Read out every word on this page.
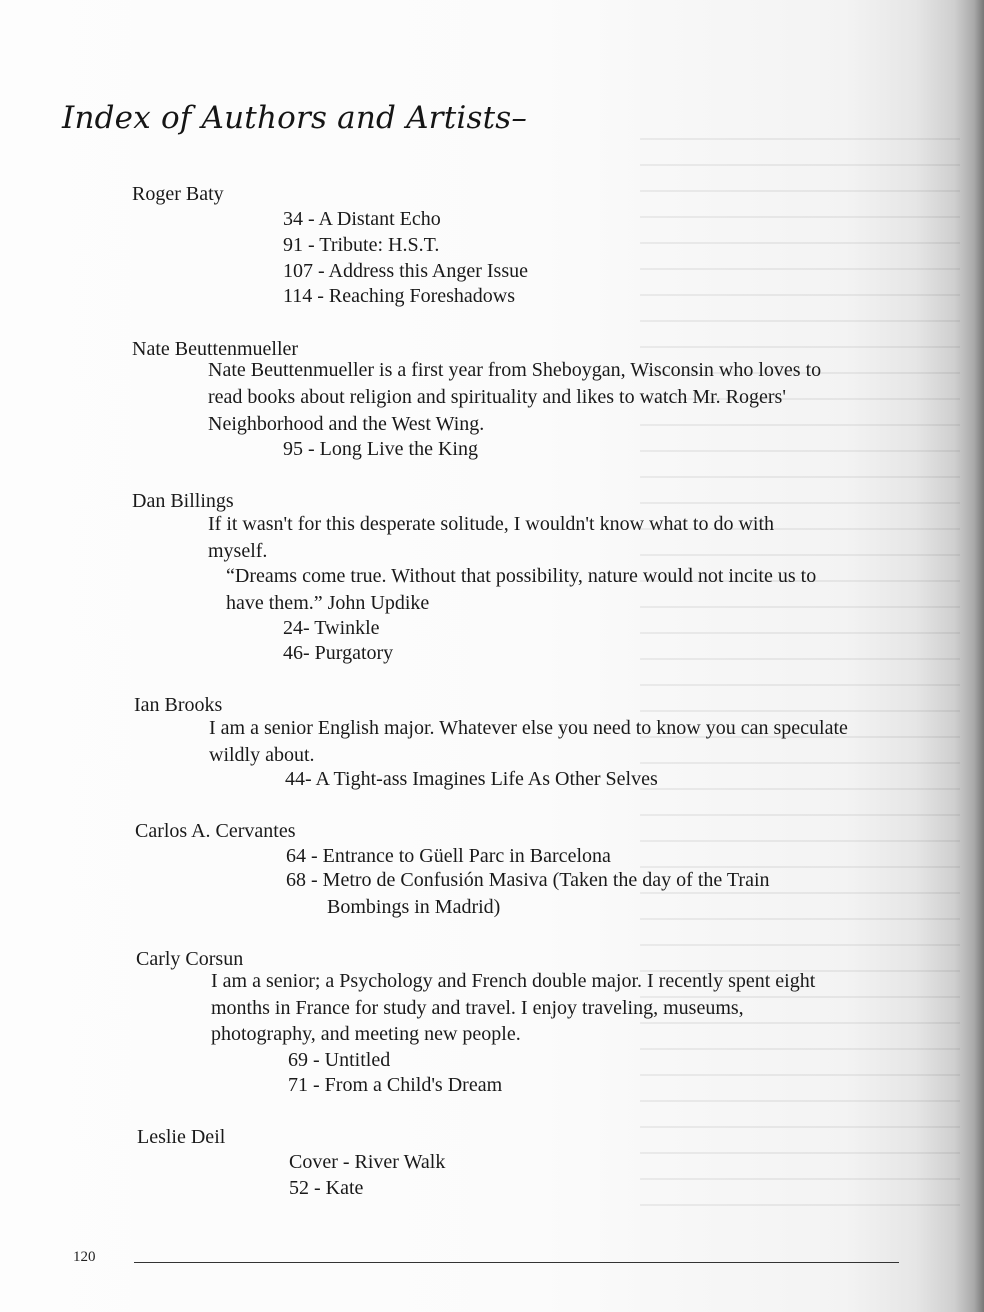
Index of Authors and Artists–
Roger Baty
34 - A Distant Echo
91 - Tribute: H.S.T.
107 - Address this Anger Issue
114 - Reaching Foreshadows
Nate Beuttenmueller
Nate Beuttenmueller is a first year from Sheboygan, Wisconsin who loves to
read books about religion and spirituality and likes to watch Mr. Rogers'
Neighborhood and the West Wing.
95 - Long Live the King
Dan Billings
If it wasn't for this desperate solitude, I wouldn't know what to do with
myself.
“Dreams come true. Without that possibility, nature would not incite us to
have them.” John Updike
24- Twinkle
46- Purgatory
Ian Brooks
I am a senior English major. Whatever else you need to know you can speculate
wildly about.
44- A Tight-ass Imagines Life As Other Selves
Carlos A. Cervantes
64 - Entrance to Güell Parc in Barcelona
68 - Metro de Confusión Masiva (Taken the day of the Train
Bombings in Madrid)
Carly Corsun
I am a senior; a Psychology and French double major. I recently spent eight
months in France for study and travel. I enjoy traveling, museums,
photography, and meeting new people.
69 - Untitled
71 - From a Child's Dream
Leslie Deil
Cover - River Walk
52 - Kate
120
